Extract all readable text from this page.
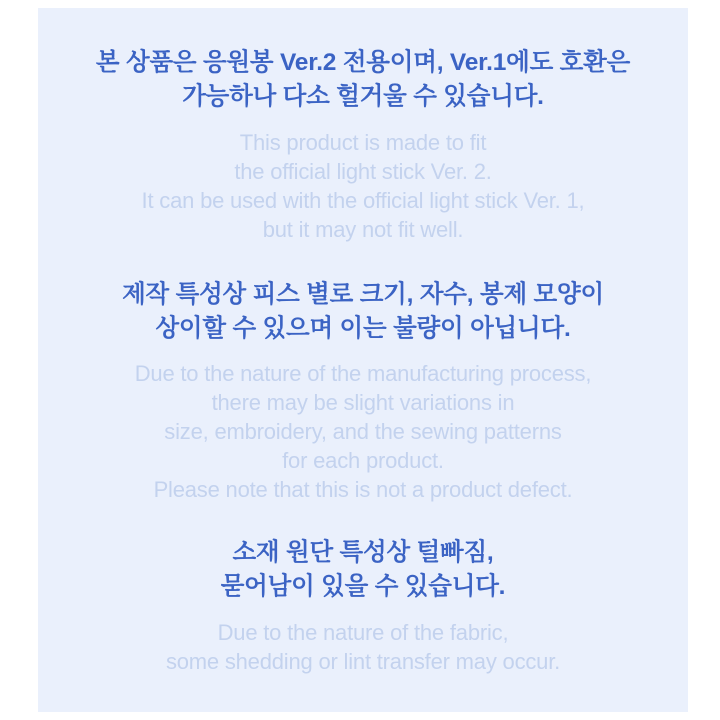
본 상품은 응원봉 Ver.2 전용이며, Ver.1에도 호환은
가능하나 다소 헐거울 수 있습니다.
This product is made to fit
the official light stick Ver. 2.
It can be used with the official light stick Ver. 1,
but it may not fit well.
제작 특성상 피스 별로 크기, 자수, 봉제 모양이
상이할 수 있으며 이는 불량이 아닙니다.
Due to the nature of the manufacturing process,
there may be slight variations in
size, embroidery, and the sewing patterns
for each product.
Please note that this is not a product defect.
소재 원단 특성상 털빠짐,
묻어남이 있을 수 있습니다.
Due to the nature of the fabric,
some shedding or lint transfer may occur.
